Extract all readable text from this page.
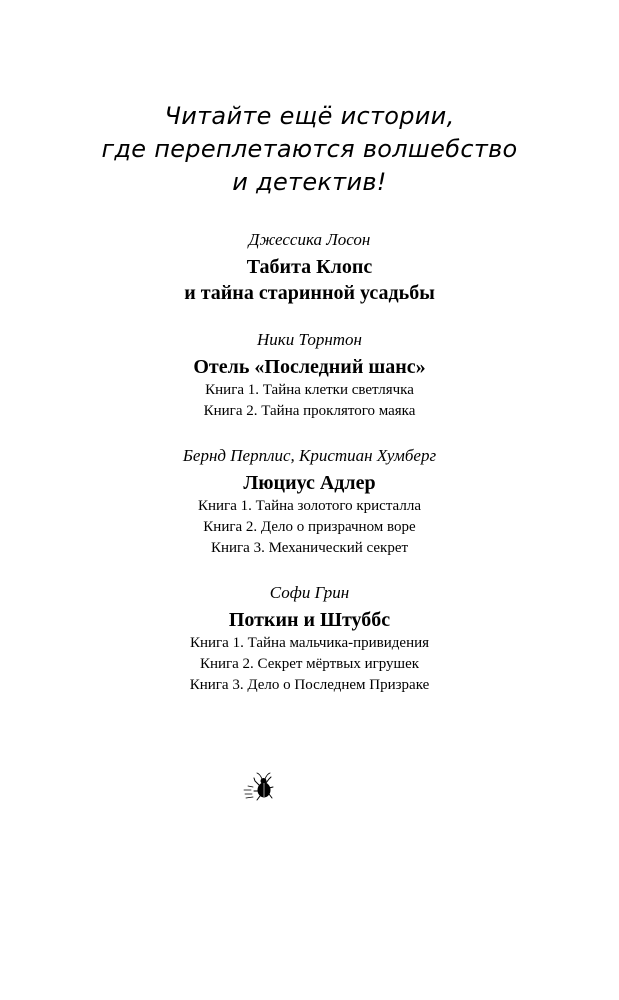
Читайте ещё истории,
где переплетаются волшебство
и детектив!
Джессика Лосон
Табита Клопс
и тайна старинной усадьбы
Ники Торнтон
Отель «Последний шанс»
Книга 1. Тайна клетки светлячка
Книга 2. Тайна проклятого маяка
Бернд Перплис, Кристиан Хумберг
Люциус Адлер
Книга 1. Тайна золотого кристалла
Книга 2. Дело о призрачном воре
Книга 3. Механический секрет
Софи Грин
Поткин и Штуббс
Книга 1. Тайна мальчика-привидения
Книга 2. Секрет мёртвых игрушек
Книга 3. Дело о Последнем Призраке
